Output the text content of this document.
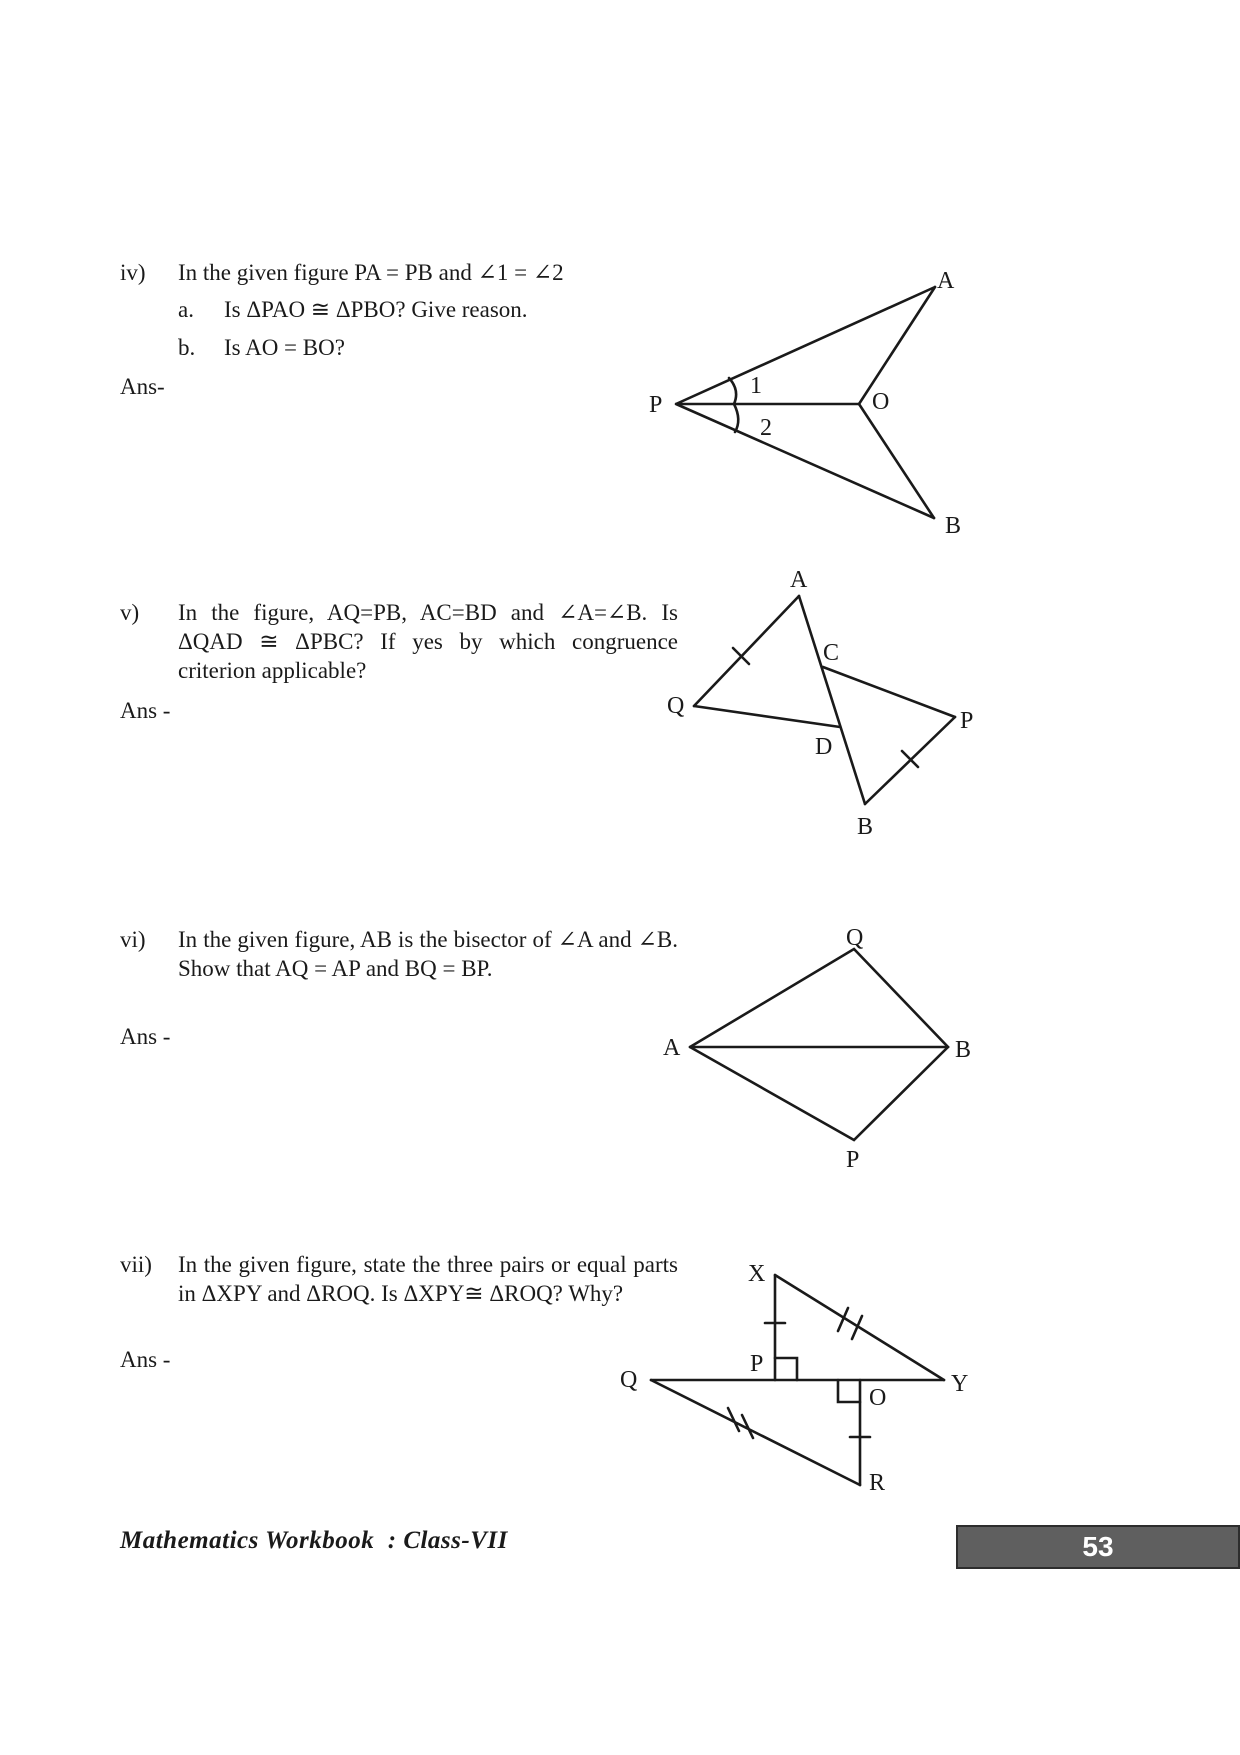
iv) In the given figure PA = PB and ∠1 = ∠2
a. Is ΔPAO ≅ ΔPBO? Give reason.
b. Is AO = BO?
Ans-
A
P	O
B
1
2
v) In the figure, AQ=PB, AC=BD and ∠A=∠B. Is ΔQAD ≅ ΔPBC? If yes by which congruence criterion applicable?
Ans -
A
C
Q
P
D
B
vi) In the given figure, AB is the bisector of ∠A and ∠B. Show that AQ = AP and BQ = BP.
Ans -
Q
A	B
P
vii) In the given figure, state the three pairs or equal parts in ΔXPY and ΔROQ. Is ΔXPY≅ ΔROQ? Why?
Ans -
X
P
Q
O
Y
R
Mathematics Workbook  : Class-VII	53
